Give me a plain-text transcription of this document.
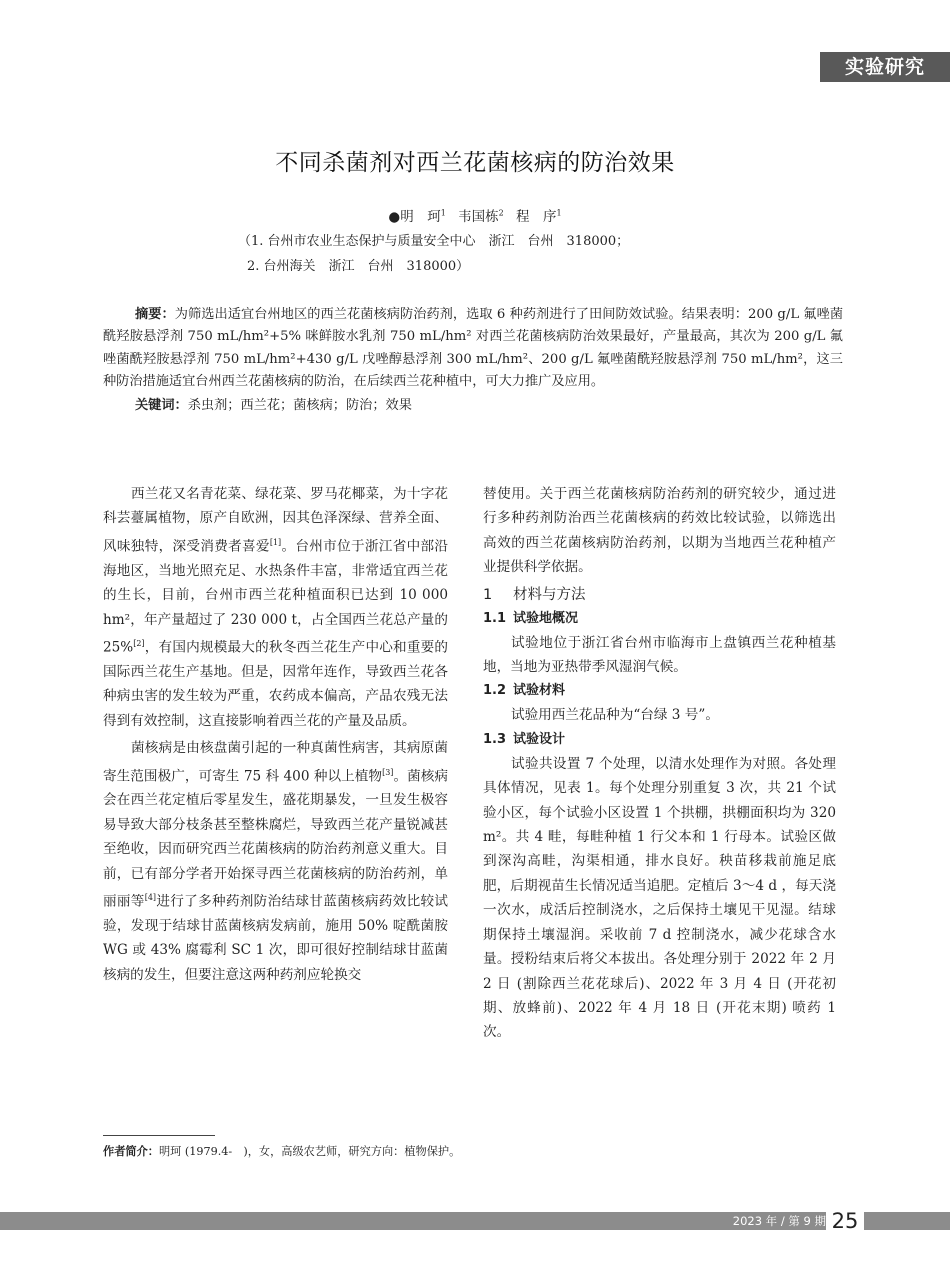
实验研究
不同杀菌剂对西兰花菌核病的防治效果
●明　珂$^1$ 韦国栋$^2$ 程　序$^1$
（1. 台州市农业生态保护与质量安全中心　浙江　台州　318000；
2. 台州海关　浙江　台州　318000）

摘要：为筛选出适宜台州地区的西兰花菌核病防治药剂，选取 6 种药剂进行了田间防效试验。结果表明：200 g/L 氟唑菌酰羟胺悬浮剂 750 mL/hm²+5% 咪鲜胺水乳剂 750 mL/hm² 对西兰花菌核病防治效果最好，产量最高，其次为 200 g/L 氟唑菌酰羟胺悬浮剂 750 mL/hm²+430 g/L 戊唑醇悬浮剂 300 mL/hm²、200 g/L 氟唑菌酰羟胺悬浮剂 750 mL/hm²，这三种防治措施适宜台州西兰花菌核病的防治，在后续西兰花种植中，可大力推广及应用。

关键词：杀虫剂；西兰花；菌核病；防治；效果

西兰花又名青花菜、绿花菜、罗马花椰菜，为十字花科芸薹属植物，原产自欧洲，因其色泽深绿、营养全面、风味独特，深受消费者喜爱[1]。台州市位于浙江省中部沿海地区，当地光照充足、水热条件丰富，非常适宜西兰花的生长，目前，台州市西兰花种植面积已达到 10 000 hm²，年产量超过了 230 000 t，占全国西兰花总产量的 25%[2]，有国内规模最大的秋冬西兰花生产中心和重要的国际西兰花生产基地。但是，因常年连作，导致西兰花各种病虫害的发生较为严重，农药成本偏高，产品农残无法得到有效控制，这直接影响着西兰花的产量及品质。

菌核病是由核盘菌引起的一种真菌性病害，其病原菌寄生范围极广，可寄生 75 科 400 种以上植物[3]。菌核病会在西兰花定植后零星发生，盛花期暴发，一旦发生极容易导致大部分枝条甚至整株腐烂，导致西兰花产量锐减甚至绝收，因而研究西兰花菌核病的防治药剂意义重大。目前，已有部分学者开始探寻西兰花菌核病的防治药剂，单丽丽等[4]进行了多种药剂防治结球甘蓝菌核病药效比较试验，发现于结球甘蓝菌核病发病前，施用 50% 啶酰菌胺 WG 或 43% 腐霉利 SC 1 次，即可很好控制结球甘蓝菌核病的发生，但要注意这两种药剂应轮换交

替使用。关于西兰花菌核病防治药剂的研究较少，通过进行多种药剂防治西兰花菌核病的药效比较试验，以筛选出高效的西兰花菌核病防治药剂，以期为当地西兰花种植产业提供科学依据。

1 材料与方法
1.1 试验地概况

试验地位于浙江省台州市临海市上盘镇西兰花种植基地，当地为亚热带季风湿润气候。

1.2 试验材料

试验用西兰花品种为“台绿 3 号”。

1.3 试验设计

试验共设置 7 个处理，以清水处理作为对照。各处理具体情况，见表 1。每个处理分别重复 3 次，共 21 个试验小区，每个试验小区设置 1 个拱棚，拱棚面积均为 320 m²。共 4 畦，每畦种植 1 行父本和 1 行母本。试验区做到深沟高畦，沟渠相通，排水良好。秧苗移栽前施足底肥，后期视苗生长情况适当追肥。定植后 3～4 d ，每天浇一次水，成活后控制浇水，之后保持土壤见干见湿。结球期保持土壤湿润。采收前 7 d 控制浇水，减少花球含水量。授粉结束后将父本拔出。各处理分别于 2022 年 2 月 2 日 (割除西兰花花球后)、2022 年 3 月 4 日 (开花初期、放蜂前)、2022 年 4 月 18 日 (开花末期) 喷药 1 次。

作者简介：明珂 (1979.4-　)，女，高级农艺师，研究方向：植物保护。
2023 年 / 第 9 期 25
